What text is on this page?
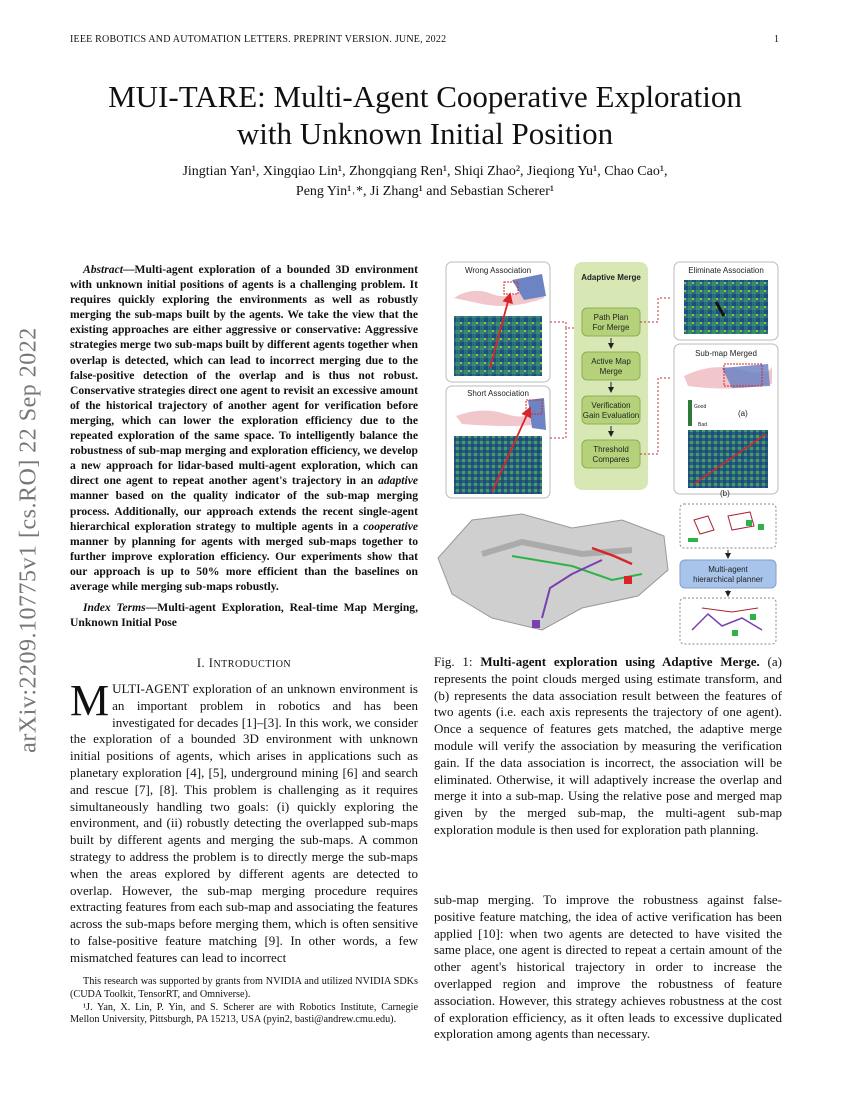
IEEE ROBOTICS AND AUTOMATION LETTERS. PREPRINT VERSION. JUNE, 2022	1
MUI-TARE: Multi-Agent Cooperative Exploration
with Unknown Initial Position
Jingtian Yan¹, Xingqiao Lin¹, Zhongqiang Ren¹, Shiqi Zhao², Jieqiong Yu¹, Chao Cao¹,
Peng Yin¹˒*, Ji Zhang¹ and Sebastian Scherer¹
arXiv:2209.10775v1 [cs.RO] 22 Sep 2022

Abstract—Multi-agent exploration of a bounded 3D environment with unknown initial positions of agents is a challenging problem. It requires quickly exploring the environments as well as robustly merging the sub-maps built by the agents. We take the view that the existing approaches are either aggressive or conservative: Aggressive strategies merge two sub-maps built by different agents together when overlap is detected, which can lead to incorrect merging due to the false-positive detection of the overlap and is thus not robust. Conservative strategies direct one agent to revisit an excessive amount of the historical trajectory of another agent for verification before merging, which can lower the exploration efficiency due to the repeated exploration of the same space. To intelligently balance the robustness of sub-map merging and exploration efficiency, we develop a new approach for lidar-based multi-agent exploration, which can direct one agent to repeat another agent's trajectory in an adaptive manner based on the quality indicator of the sub-map merging process. Additionally, our approach extends the recent single-agent hierarchical exploration strategy to multiple agents in a cooperative manner by planning for agents with merged sub-maps together to further improve exploration efficiency. Our experiments show that our approach is up to 50% more efficient than the baselines on average while merging sub-maps robustly.

Index Terms—Multi-agent Exploration, Real-time Map Merging, Unknown Initial Pose

I. INTRODUCTION
MULTI-AGENT exploration of an unknown environment is an important problem in robotics and has been investigated for decades [1]–[3]. In this work, we consider the exploration of a bounded 3D environment with unknown initial positions of agents, which arises in applications such as planetary exploration [4], [5], underground mining [6] and search and rescue [7], [8]. This problem is challenging as it requires simultaneously handling two goals: (i) quickly exploring the environment, and (ii) robustly detecting the overlapped sub-maps built by different agents and merging the sub-maps. A common strategy to address the problem is to directly merge the sub-maps when the areas explored by different agents are detected to overlap. However, the sub-map merging procedure requires extracting features from each sub-map and associating the features across the sub-maps before merging them, which is often sensitive to false-positive feature matching [9]. In other words, a few mismatched features can lead to incorrect

This research was supported by grants from NVIDIA and utilized NVIDIA SDKs (CUDA Toolkit, TensorRT, and Omniverse).

¹J. Yan, X. Lin, P. Yin, and S. Scherer are with Robotics Institute, Carnegie Mellon University, Pittsburgh, PA 15213, USA (pyin2, basti@andrew.cmu.edu).

Wrong Association
Short Association
Adaptive Merge
Path Plan
For Merge
Active Map
Merge
Verification
Gain Evaluation
Threshold
Compares
Eliminate Association
Sub-map Merged
(a)
Good
Bad
(b)
Multi-agent
hierarchical planner
Fig. 1: Multi-agent exploration using Adaptive Merge. (a) represents the point clouds merged using estimate transform, and (b) represents the data association result between the features of two agents (i.e. each axis represents the trajectory of one agent). Once a sequence of features gets matched, the adaptive merge module will verify the association by measuring the verification gain. If the data association is incorrect, the association will be eliminated. Otherwise, it will adaptively increase the overlap and merge it into a sub-map. Using the relative pose and merged map given by the merged sub-map, the multi-agent sub-map exploration module is then used for exploration path planning.
sub-map merging. To improve the robustness against false-positive feature matching, the idea of active verification has been applied [10]: when two agents are detected to have visited the same place, one agent is directed to repeat a certain amount of the other agent's historical trajectory in order to increase the overlapped region and improve the robustness of feature association. However, this strategy achieves robustness at the cost of exploration efficiency, as it often leads to excessive duplicated exploration among agents than necessary.
